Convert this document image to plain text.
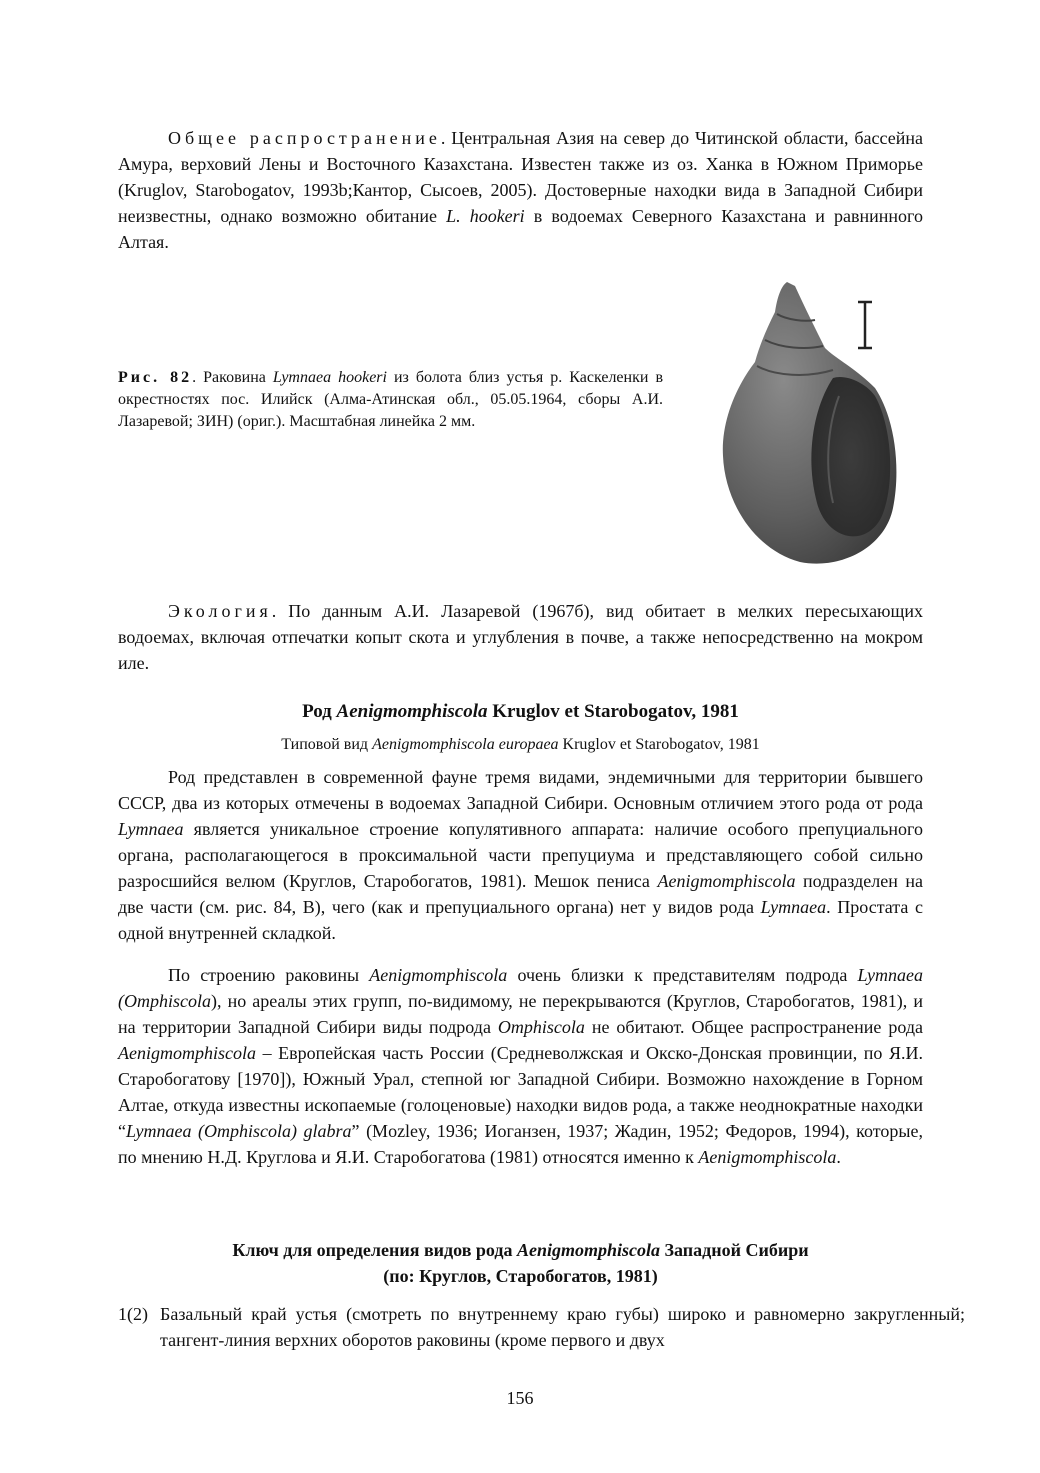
Общее распространение. Центральная Азия на север до Читинской области, бассейна Амура, верховий Лены и Восточного Казахстана. Известен также из оз. Ханка в Южном Приморье (Kruglov, Starobogatov, 1993b;Кантор, Сысоев, 2005). Достоверные находки вида в Западной Сибири неизвестны, однако возможно обитание L. hookeri в водоемах Северного Казахстана и равнинного Алтая.

Рис. 82. Раковина Lymnaea hookeri из болота близ устья р. Каскеленки в окрестностях пос. Илийск (Алма-Атинская обл., 05.05.1964, сборы А.И. Лазаревой; ЗИН) (ориг.). Масштабная линейка 2 мм.

Экология. По данным А.И. Лазаревой (1967б), вид обитает в мелких пересыхающих водоемах, включая отпечатки копыт скота и углубления в почве, а также непосредственно на мокром иле.

Род Aenigmomphiscola Kruglov et Starobogatov, 1981

Типовой вид Aenigmomphiscola europaea Kruglov et Starobogatov, 1981

Род представлен в современной фауне тремя видами, эндемичными для территории бывшего СССР, два из которых отмечены в водоемах Западной Сибири. Основным отличием этого рода от рода Lymnaea является уникальное строение копулятивного аппарата: наличие особого препуциального органа, располагающегося в проксимальной части препуциума и представляющего собой сильно разросшийся велюм (Круглов, Старобогатов, 1981). Мешок пениса Aenigmomphiscola подразделен на две части (см. рис. 84, В), чего (как и препуциального органа) нет у видов рода Lymnaea. Простата с одной внутренней складкой.

По строению раковины Aenigmomphiscola очень близки к представителям подрода Lymnaea (Omphiscola), но ареалы этих групп, по-видимому, не перекрываются (Круглов, Старобогатов, 1981), и на территории Западной Сибири виды подрода Omphiscola не обитают. Общее распространение рода Aenigmomphiscola – Европейская часть России (Средневолжская и Окско-Донская провинции, по Я.И. Старобогатову [1970]), Южный Урал, степной юг Западной Сибири. Возможно нахождение в Горном Алтае, откуда известны ископаемые (голоценовые) находки видов рода, а также неоднократные находки “Lymnaea (Omphiscola) glabra” (Mozley, 1936; Иоганзен, 1937; Жадин, 1952; Федоров, 1994), которые, по мнению Н.Д. Круглова и Я.И. Старобогатова (1981) относятся именно к Aenigmomphiscola.

Ключ для определения видов рода Aenigmomphiscola Западной Сибири
(по: Круглов, Старобогатов, 1981)

1(2) Базальный край устья (смотреть по внутреннему краю губы) широко и равномерно закругленный; тангент-линия верхних оборотов раковины (кроме первого и двух

156
